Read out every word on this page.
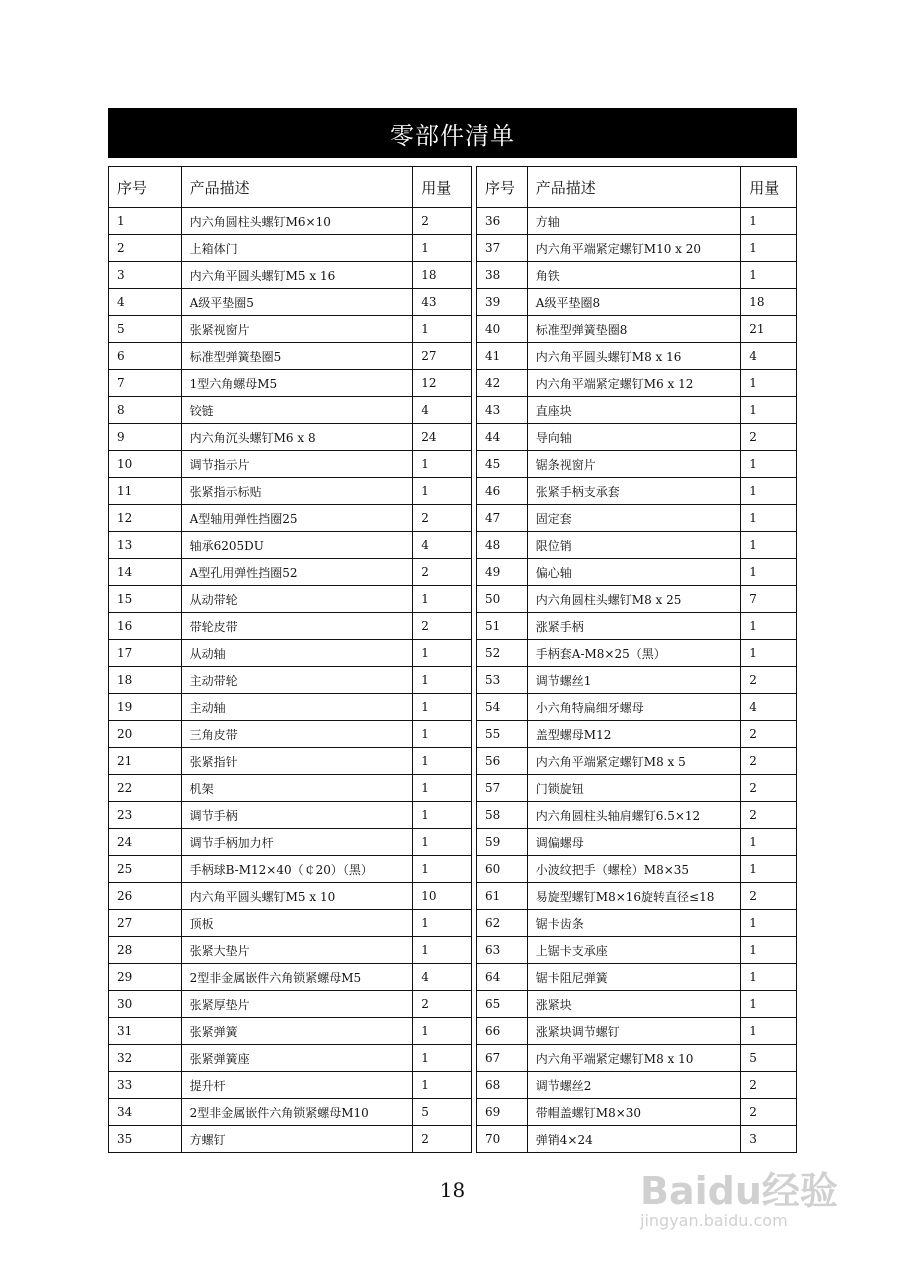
零部件清单
序号	产品描述	用量
1	内六角圆柱头螺钉M6×10	2
2	上箱体门	1
3	内六角平圆头螺钉M5 x 16	18
4	A级平垫圈5	43
5	张紧视窗片	1
6	标准型弹簧垫圈5	27
7	1型六角螺母M5	12
8	铰链	4
9	内六角沉头螺钉M6 x 8	24
10	调节指示片	1
11	张紧指示标贴	1
12	A型轴用弹性挡圈25	2
13	轴承6205DU	4
14	A型孔用弹性挡圈52	2
15	从动带轮	1
16	带轮皮带	2
17	从动轴	1
18	主动带轮	1
19	主动轴	1
20	三角皮带	1
21	张紧指针	1
22	机架	1
23	调节手柄	1
24	调节手柄加力杆	1
25	手柄球B-M12×40（￠20）（黑）	1
26	内六角平圆头螺钉M5 x 10	10
27	顶板	1
28	张紧大垫片	1
29	2型非金属嵌件六角锁紧螺母M5	4
30	张紧厚垫片	2
31	张紧弹簧	1
32	张紧弹簧座	1
33	提升杆	1
34	2型非金属嵌件六角锁紧螺母M10	5
35	方螺钉	2
序号	产品描述	用量
36	方轴	1
37	内六角平端紧定螺钉M10 x 20	1
38	角铁	1
39	A级平垫圈8	18
40	标准型弹簧垫圈8	21
41	内六角平圆头螺钉M8 x 16	4
42	内六角平端紧定螺钉M6 x 12	1
43	直座块	1
44	导向轴	2
45	锯条视窗片	1
46	张紧手柄支承套	1
47	固定套	1
48	限位销	1
49	偏心轴	1
50	内六角圆柱头螺钉M8 x 25	7
51	涨紧手柄	1
52	手柄套A-M8×25（黑）	1
53	调节螺丝1	2
54	小六角特扁细牙螺母	4
55	盖型螺母M12	2
56	内六角平端紧定螺钉M8 x 5	2
57	门锁旋钮	2
58	内六角圆柱头轴肩螺钉6.5×12	2
59	调偏螺母	1
60	小波纹把手（螺栓）M8×35	1
61	易旋型螺钉M8×16旋转直径≤18	2
62	锯卡齿条	1
63	上锯卡支承座	1
64	锯卡阻尼弹簧	1
65	涨紧块	1
66	涨紧块调节螺钉	1
67	内六角平端紧定螺钉M8 x 10	5
68	调节螺丝2	2
69	带帽盖螺钉M8×30	2
70	弹销4×24	3
18	Baidu经验
jingyan.baidu.com
